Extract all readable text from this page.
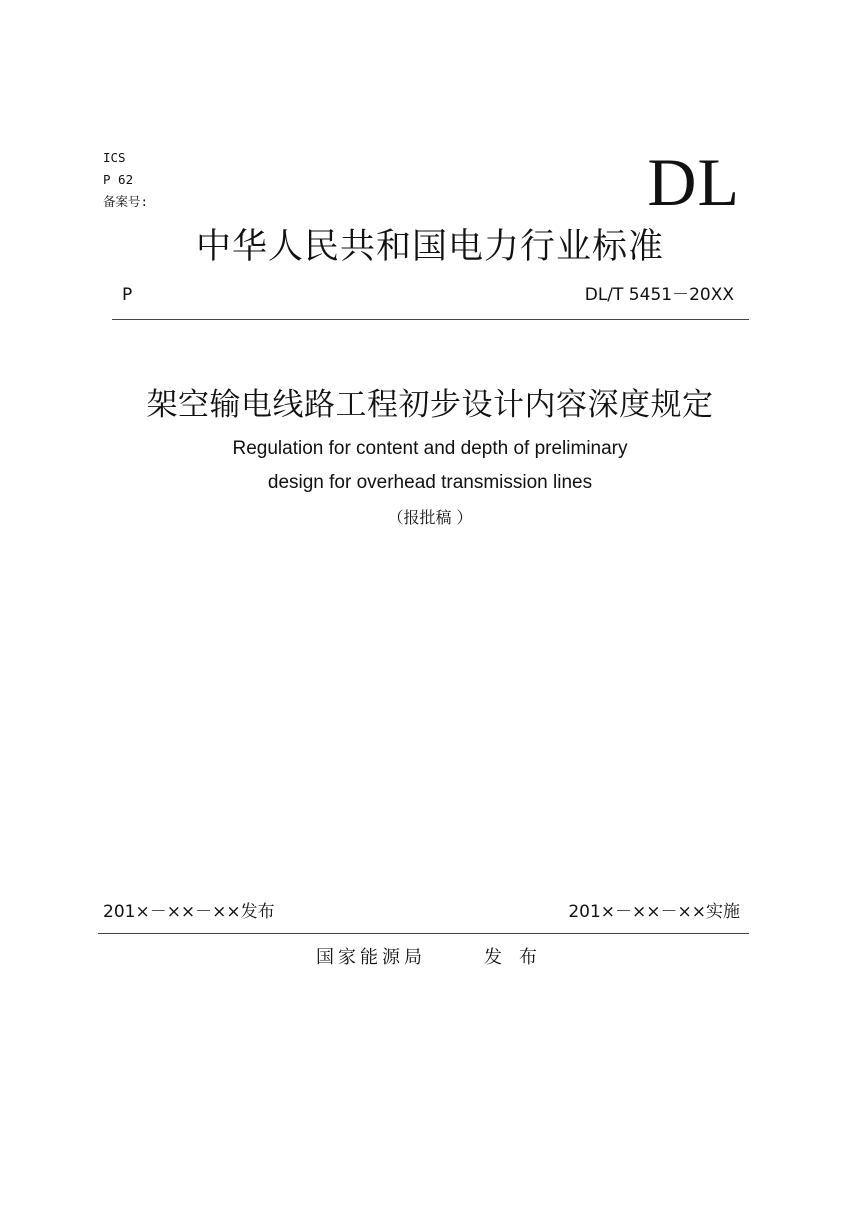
ICS
P 62
备案号:	DL
中华人民共和国电力行业标准
P	DL/T 5451－20XX
架空输电线路工程初步设计内容深度规定
Regulation for content and depth of preliminary
design for overhead transmission lines
（报批稿 ）
201×－××－××发布	201×－××－××实施
国家能源局	发布
